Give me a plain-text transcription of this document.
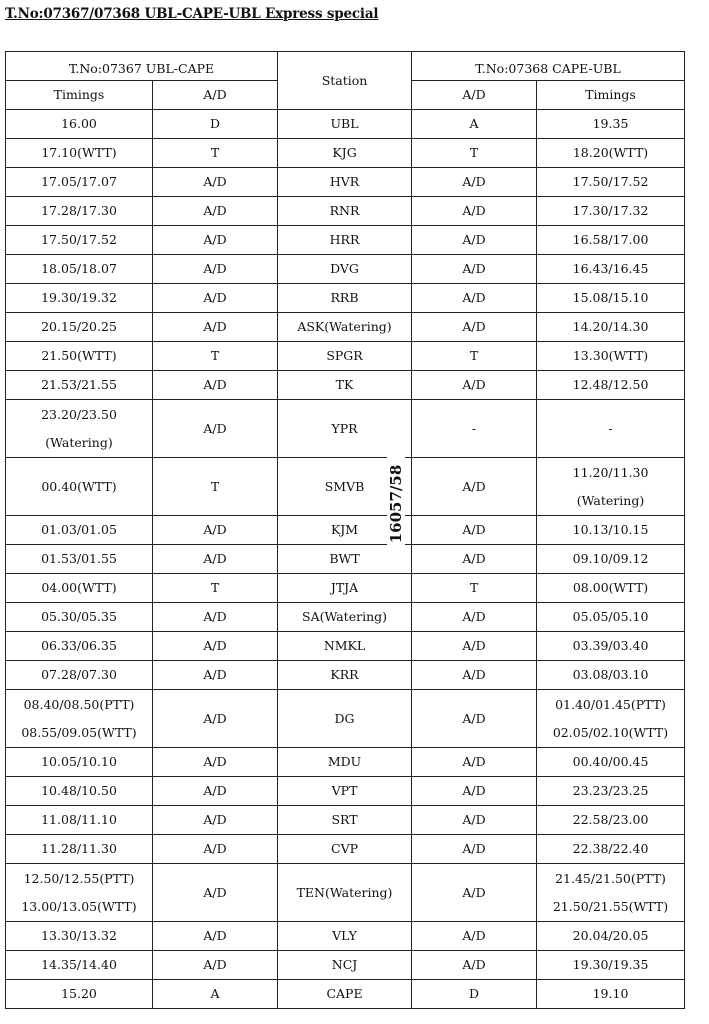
T.No:07367/07368 UBL-CAPE-UBL Express special
T.No:07367 UBL-CAPE		Station	T.No:07368 CAPE-UBL	
Timings	A/D		A/D	Timings
16.00	D	UBL	A	19.35
17.10(WTT)	T	KJG	T	18.20(WTT)
17.05/17.07	A/D	HVR	A/D	17.50/17.52
17.28/17.30	A/D	RNR	A/D	17.30/17.32
17.50/17.52	A/D	HRR	A/D	16.58/17.00
18.05/18.07	A/D	DVG	A/D	16.43/16.45
19.30/19.32	A/D	RRB	A/D	15.08/15.10
20.15/20.25	A/D	ASK(Watering)	A/D	14.20/14.30
21.50(WTT)	T	SPGR	T	13.30(WTT)
21.53/21.55	A/D	TK	A/D	12.48/12.50

23.20/23.50
(Watering)	A/D	YPR	-	-
00.40(WTT)	T	SMVB	A/D	11.20/11.30
(Watering)

01.03/01.05	A/D	KJM	A/D	10.13/10.15
01.53/01.55	A/D	BWT	A/D	09.10/09.12
04.00(WTT)	T	JTJA	T	08.00(WTT)
05.30/05.35	A/D	SA(Watering)	A/D	05.05/05.10
06.33/06.35	A/D	NMKL	A/D	03.39/03.40
07.28/07.30	A/D	KRR	A/D	03.08/03.10

08.40/08.50(PTT)
08.55/09.05(WTT)	A/D	DG	A/D	01.40/01.45(PTT)
02.05/02.10(WTT)

10.05/10.10	A/D	MDU	A/D	00.40/00.45
10.48/10.50	A/D	VPT	A/D	23.23/23.25
11.08/11.10	A/D	SRT	A/D	22.58/23.00
11.28/11.30	A/D	CVP	A/D	22.38/22.40

12.50/12.55(PTT)
13.00/13.05(WTT)	A/D	TEN(Watering)	A/D	21.45/21.50(PTT)
21.50/21.55(WTT)

13.30/13.32	A/D	VLY	A/D	20.04/20.05
14.35/14.40	A/D	NCJ	A/D	19.30/19.35
15.20	A	CAPE	D	19.10
16057/58
